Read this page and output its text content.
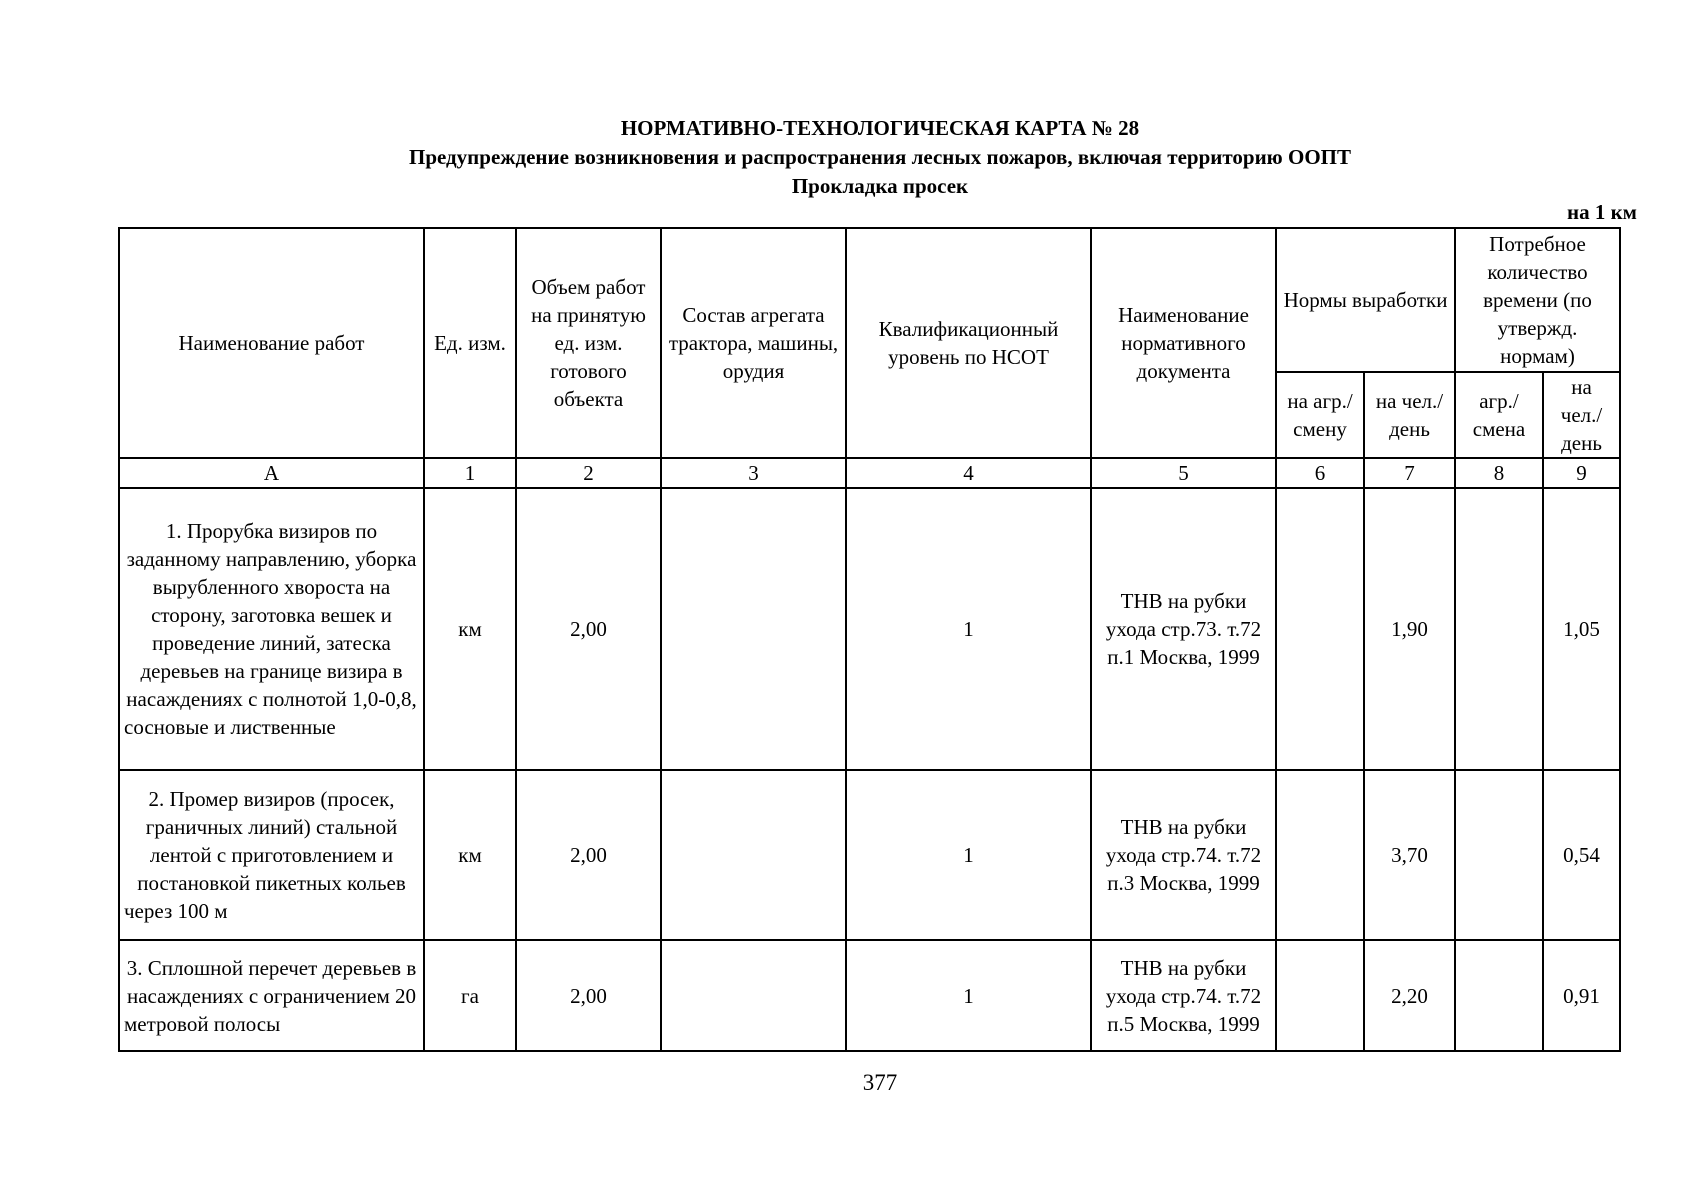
НОРМАТИВНО-ТЕХНОЛОГИЧЕСКАЯ КАРТА № 28
Предупреждение возникновения и распространения лесных пожаров, включая территорию ООПТ
Прокладка просек
на 1 км
Наименование работ	Ед. изм.	Объем работ на принятую ед. изм. готового объекта	Состав агрегата трактора, машины, орудия	Квалификационный уровень по НСОТ	Наименование нормативного документа	Нормы выработки		Потребное количество времени (по утвержд. нормам)	
						на агр./ смену	на чел./ день	агр./ смена	на чел./ день
А	1	2	3	4	5	6	7	8	9
1. Прорубка визиров по заданному направлению, уборка вырубленного хвороста на сторону, заготовка вешек и проведение линий, затеска деревьев на границе визира в насаждениях с полнотой 1,0-0,8, сосновые и лиственные	км	2,00		1	ТНВ на рубки ухода стр.73. т.72 п.1 Москва, 1999		1,90		1,05
2. Промер визиров (просек, граничных линий) стальной лентой с приготовлением и постановкой пикетных кольев через 100 м	км	2,00		1	ТНВ на рубки ухода стр.74. т.72 п.3 Москва, 1999		3,70		0,54
3. Сплошной перечет деревьев в насаждениях с ограничением 20 метровой полосы	га	2,00		1	ТНВ на рубки ухода стр.74. т.72 п.5 Москва, 1999		2,20		0,91
377
